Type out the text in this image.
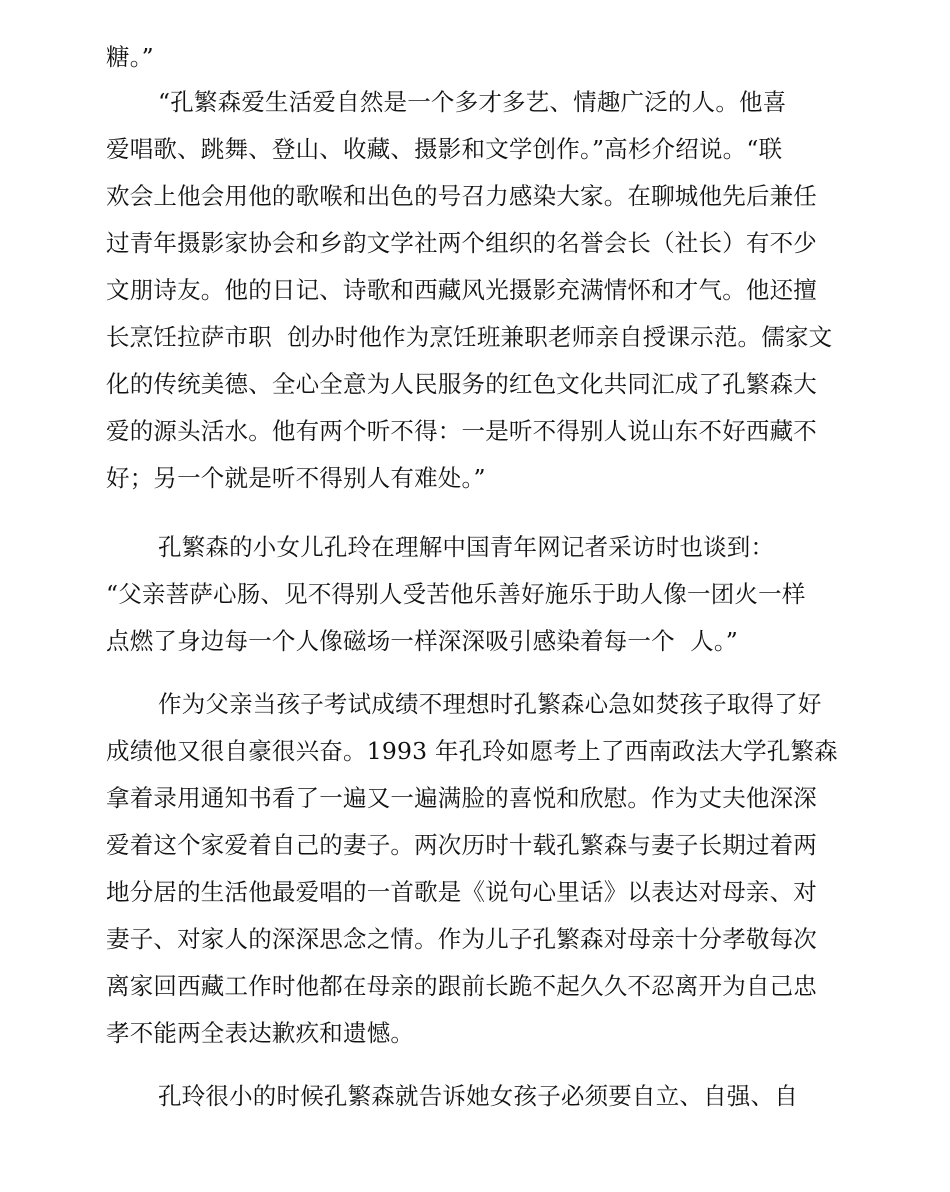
糖。”
“孔繁森爱生活爱自然是一个多才多艺、情趣广泛的人。他喜
爱唱歌、跳舞、登山、收藏、摄影和文学创作。”高杉介绍说。“联
欢会上他会用他的歌喉和出色的号召力感染大家。在聊城他先后兼任
过青年摄影家协会和乡韵文学社两个组织的名誉会长（社长）有不少
文朋诗友。他的日记、诗歌和西藏风光摄影充满情怀和才气。他还擅
长烹饪拉萨市职  创办时他作为烹饪班兼职老师亲自授课示范。儒家文
化的传统美德、全心全意为人民服务的红色文化共同汇成了孔繁森大
爱的源头活水。他有两个听不得：一是听不得别人说山东不好西藏不
好；另一个就是听不得别人有难处。”
孔繁森的小女儿孔玲在理解中国青年网记者采访时也谈到：
“父亲菩萨心肠、见不得别人受苦他乐善好施乐于助人像一团火一样
点燃了身边每一个人像磁场一样深深吸引感染着每一个  人。”
作为父亲当孩子考试成绩不理想时孔繁森心急如焚孩子取得了好
成绩他又很自豪很兴奋。1993 年孔玲如愿考上了西南政法大学孔繁森
拿着录用通知书看了一遍又一遍满脸的喜悦和欣慰。作为丈夫他深深
爱着这个家爱着自己的妻子。两次历时十载孔繁森与妻子长期过着两
地分居的生活他最爱唱的一首歌是《说句心里话》以表达对母亲、对
妻子、对家人的深深思念之情。作为儿子孔繁森对母亲十分孝敬每次
离家回西藏工作时他都在母亲的跟前长跪不起久久不忍离开为自己忠
孝不能两全表达歉疚和遗憾。
孔玲很小的时候孔繁森就告诉她女孩子必须要自立、自强、自
